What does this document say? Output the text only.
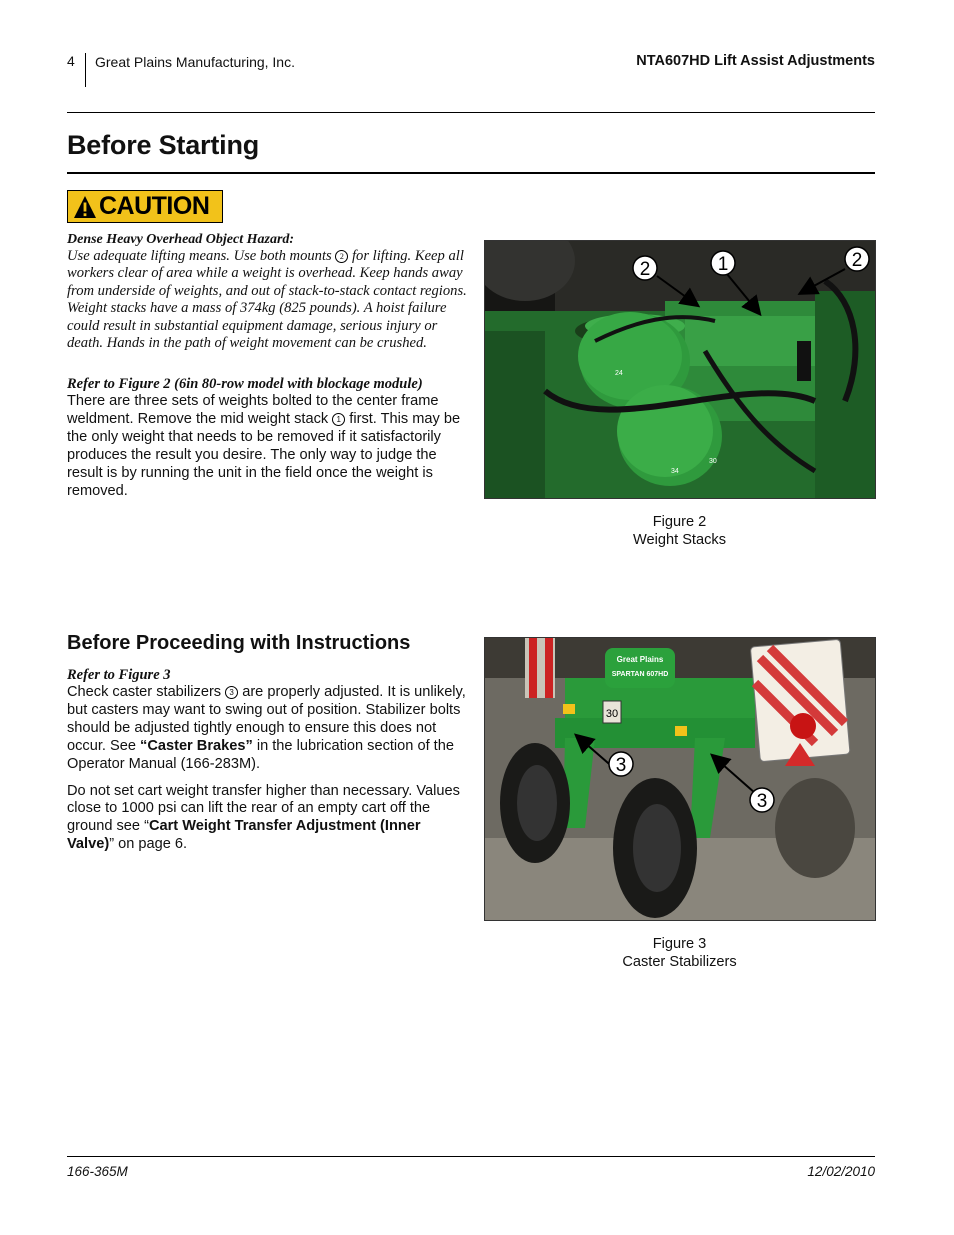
4 Great Plains Manufacturing, Inc.	NTA607HD Lift Assist Adjustments
Before Starting
CAUTION
Dense Heavy Overhead Object Hazard:
Use adequate lifting means. Use both mounts 2 for lifting. Keep all workers clear of area while a weight is overhead. Keep hands away from underside of weights, and out of stack-to-stack contact regions. Weight stacks have a mass of 374kg (825 pounds). A hoist failure could result in substantial equipment damage, serious injury or death. Hands in the path of weight movement can be crushed.
Refer to Figure 2 (6in 80-row model with blockage module)
There are three sets of weights bolted to the center frame weldment. Remove the mid weight stack 1 first. This may be the only weight that needs to be removed if it satisfactorily produces the result you desire. The only way to judge the result is by running the unit in the field once the weight is removed.
24
34
30
2	1	2
Figure 2
Weight Stacks
Before Proceeding with Instructions
Refer to Figure 3
Check caster stabilizers 3 are properly adjusted. It is unlikely, but casters may want to swing out of position. Stabilizer bolts should be adjusted tightly enough to ensure this does not occur. See “Caster Brakes” in the lubrication section of the Operator Manual (166-283M).
Do not set cart weight transfer higher than necessary. Values close to 1000 psi can lift the rear of an empty cart off the ground see “Cart Weight Transfer Adjustment (Inner Valve)” on page 6.
Great Plains
SPARTAN 607HD
30
3
3
Figure 3
Caster Stabilizers
166-365M	12/02/2010
